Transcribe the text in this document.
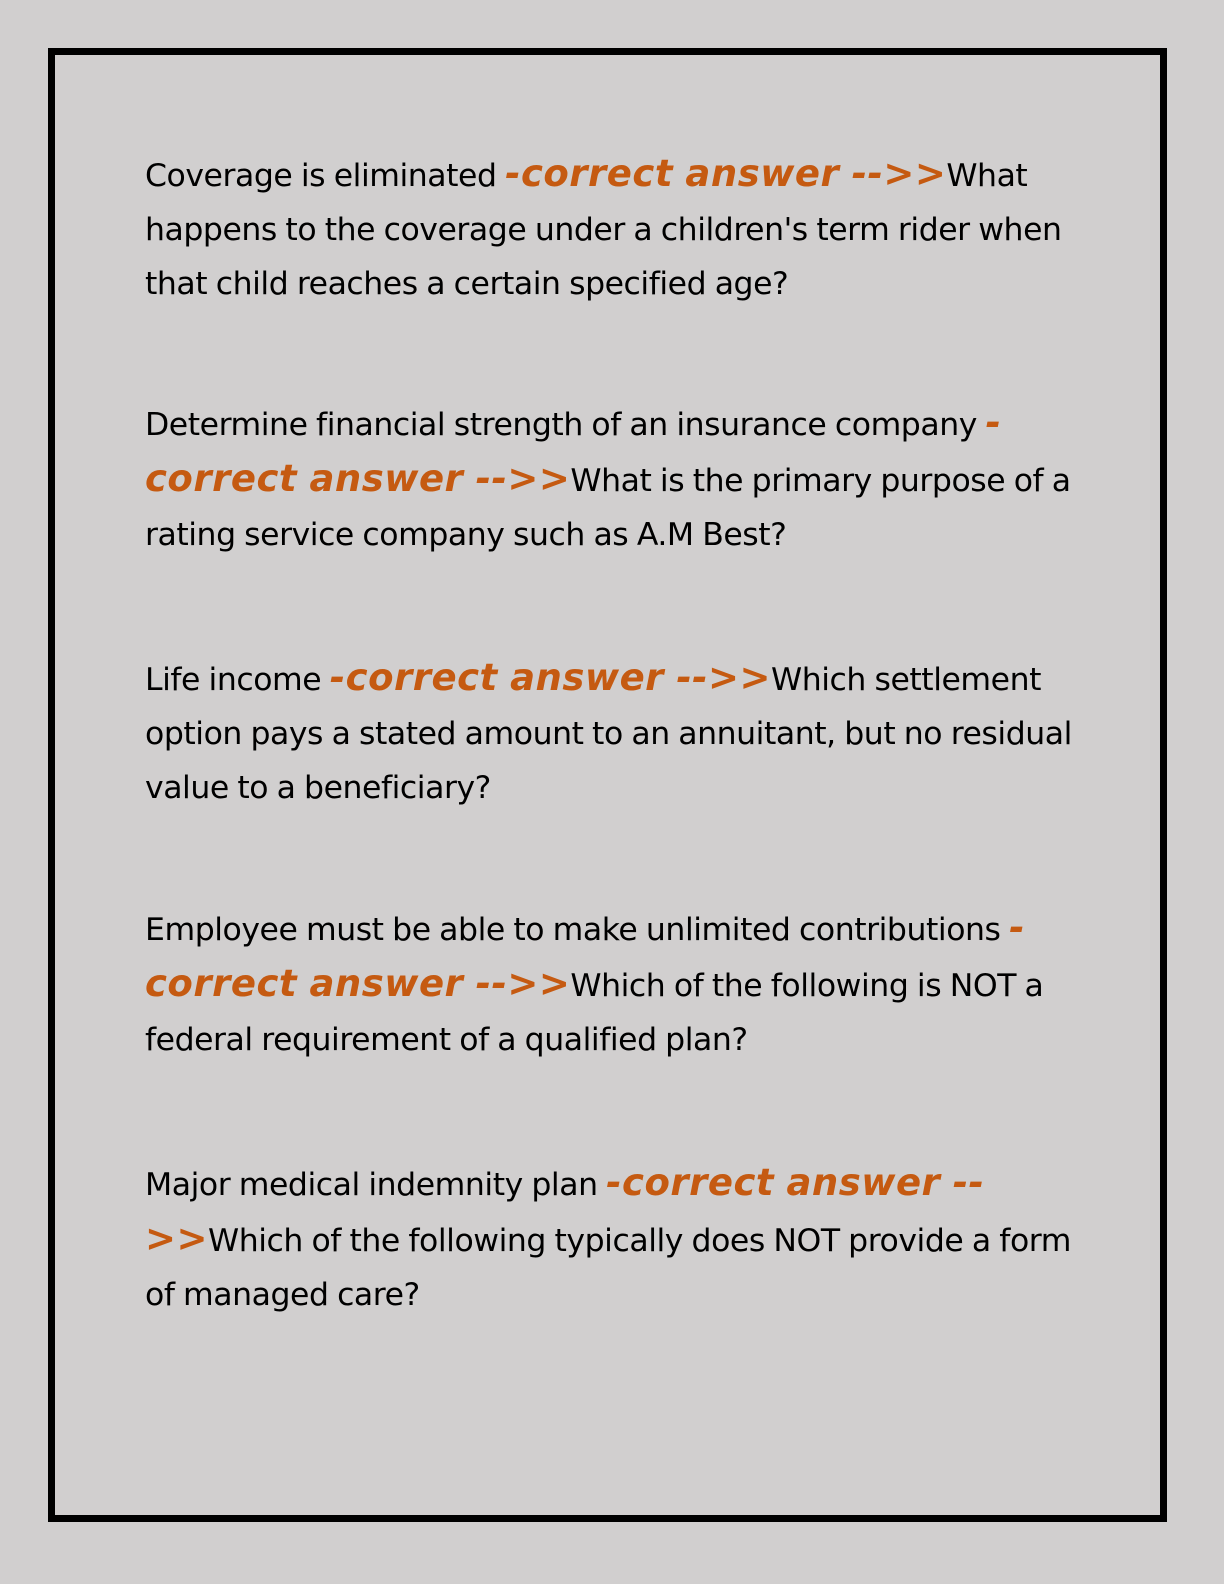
Coverage is eliminated -correct answer -->>What happens to the coverage under a children's term rider when that child reaches a certain specified age?
Determine financial strength of an insurance company -correct answer -->>What is the primary purpose of a rating service company such as A.M Best?
Life income -correct answer -->>Which settlement option pays a stated amount to an annuitant, but no residual value to a beneficiary?
Employee must be able to make unlimited contributions -correct answer -->>Which of the following is NOT a federal requirement of a qualified plan?
Major medical indemnity plan -correct answer -->>Which of the following typically does NOT provide a form of managed care?
